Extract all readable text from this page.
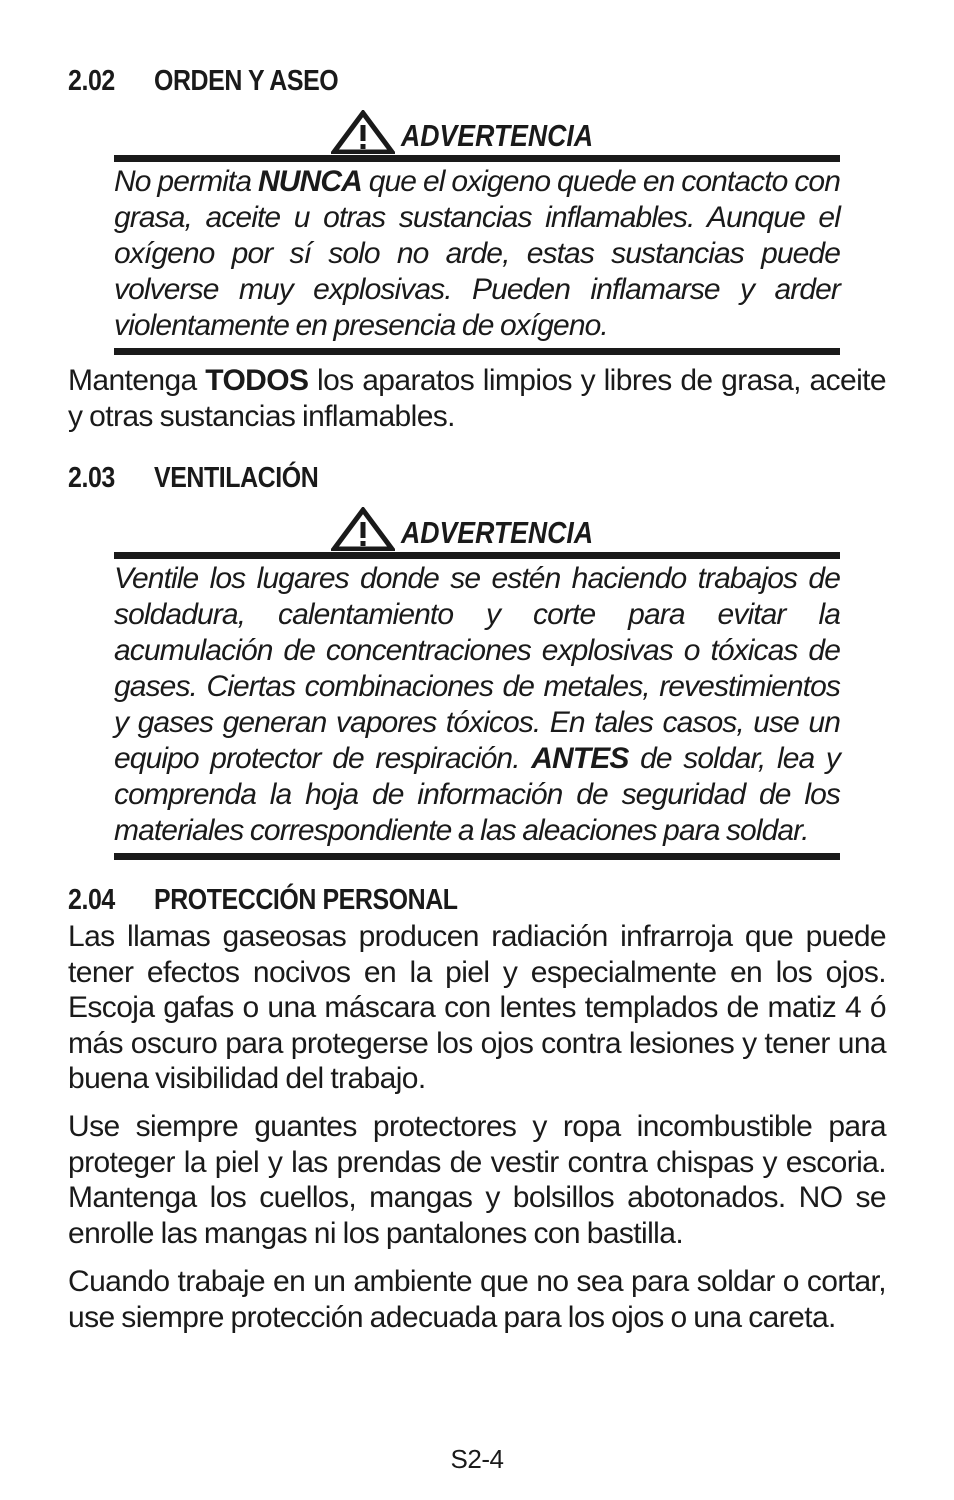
2.02 ORDEN Y ASEO
ADVERTENCIA

No permita NUNCA que el oxigeno quede en contacto con grasa, aceite u otras sustancias inflamables. Aunque el oxígeno por sí solo no arde, estas sustancias puede volverse muy explosivas. Pueden inflamarse y arder violentamente en presencia de oxígeno.

Mantenga TODOS los aparatos limpios y libres de grasa, aceite y otras sustancias inflamables.

2.03 VENTILACIÓN
ADVERTENCIA

Ventile los lugares donde se estén haciendo trabajos de soldadura, calentamiento y corte para evitar la acumulación de concentraciones explosivas o tóxicas de gases. Ciertas combinaciones de metales, revestimientos y gases generan vapores tóxicos. En tales casos, use un equipo protector de respiración. ANTES de soldar, lea y comprenda la hoja de información de seguridad de los materiales correspondiente a las aleaciones para soldar.

2.04 PROTECCIÓN PERSONAL

Las llamas gaseosas producen radiación infrarroja que puede tener efectos nocivos en la piel y especialmente en los ojos. Escoja gafas o una máscara con lentes templados de matiz 4 ó más oscuro para protegerse los ojos contra lesiones y tener una buena visibilidad del trabajo.

Use siempre guantes protectores y ropa incombustible para proteger la piel y las prendas de vestir contra chispas y escoria. Mantenga los cuellos, mangas y bolsillos abotonados. NO se enrolle las mangas ni los pantalones con bastilla.

Cuando trabaje en un ambiente que no sea para soldar o cortar, use siempre protección adecuada para los ojos o una careta.

S2-4
